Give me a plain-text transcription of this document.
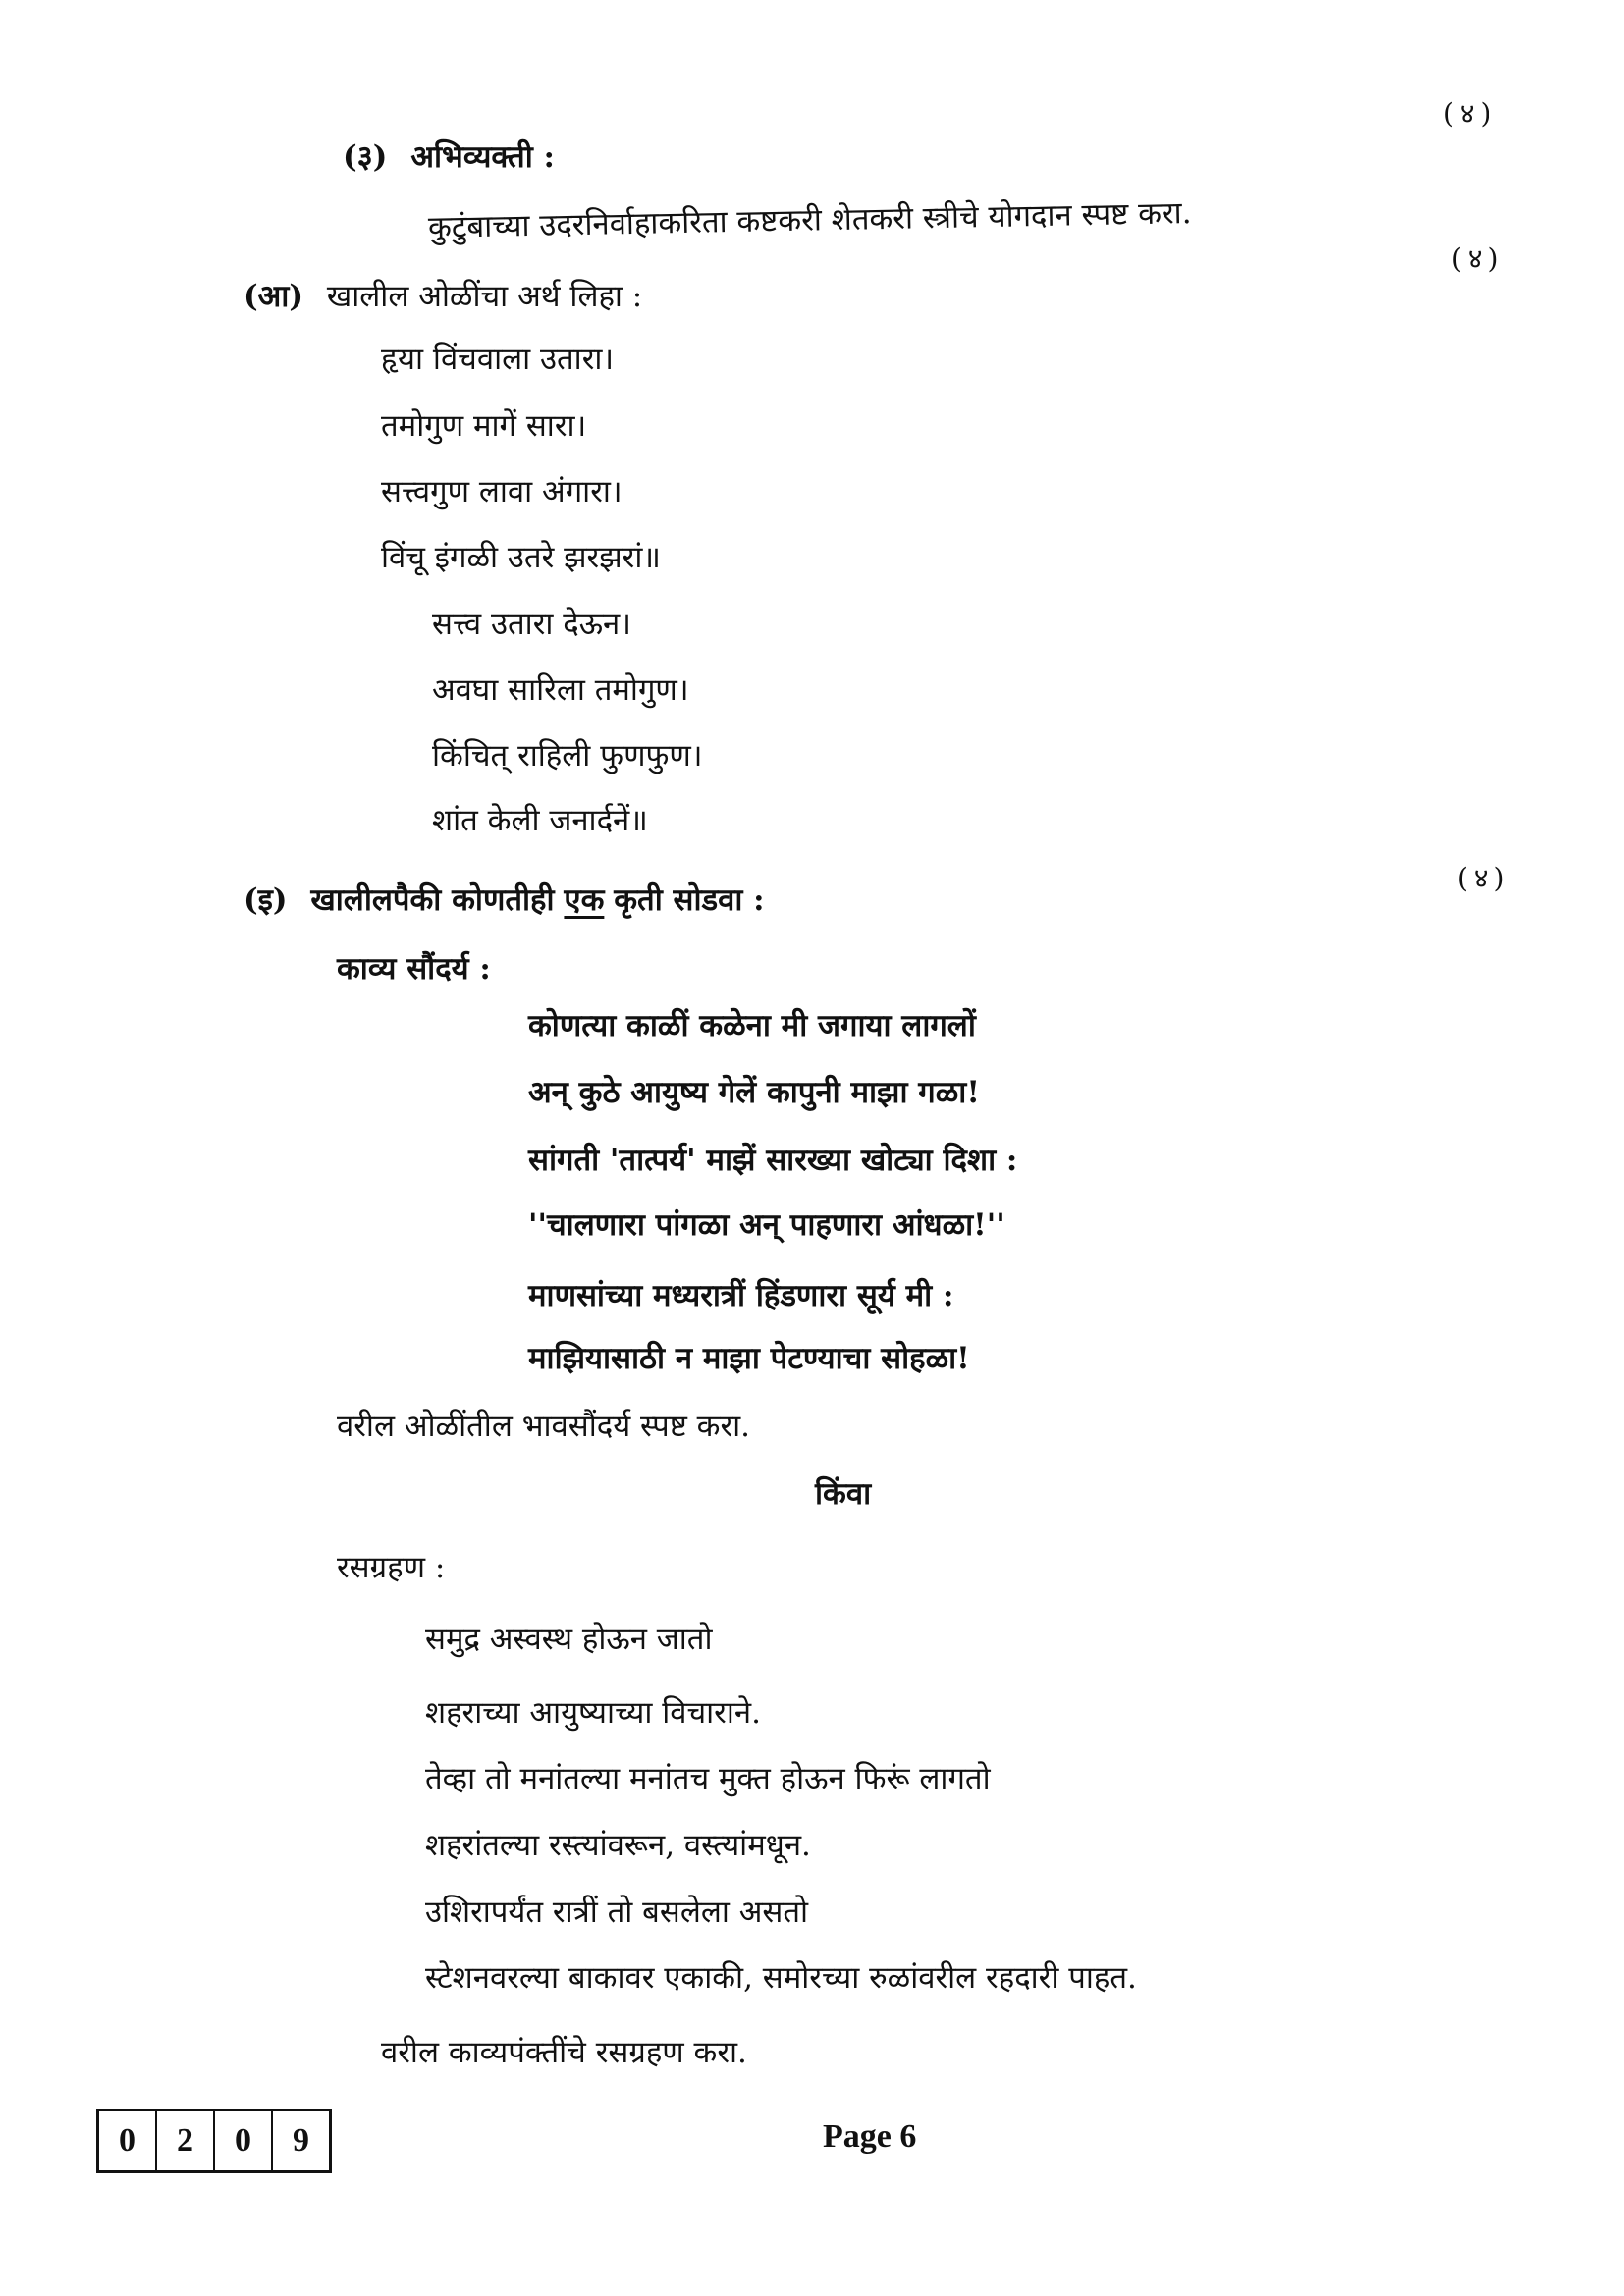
(४)
(३) अभिव्यक्ती :
कुटुंबाच्या उदरनिर्वाहाकरिता कष्टकरी शेतकरी स्त्रीचे योगदान स्पष्ट करा.
(४)
(आ) खालील ओळींचा अर्थ लिहा :
हृया विंचवाला उतारा।
तमोगुण मागें सारा।
सत्त्वगुण लावा अंगारा।
विंचू इंगळी उतरे झरझरां॥
सत्त्व उतारा देऊन।
अवघा सारिला तमोगुण।
किंचित् राहिली फुणफुण।
शांत केली जनार्दनें॥
(४)
(इ) खालीलपैकी कोणतीही एक कृती सोडवा :
काव्य सौंदर्य :
कोणत्या काळीं कळेना मी जगाया लागलों
अन् कुठे आयुष्य गेलें कापुनी माझा गळा!
सांगती 'तात्पर्य' माझें सारख्या खोट्या दिशा :
''चालणारा पांगळा अन् पाहणारा आंधळा!''
माणसांच्या मध्यरात्रीं हिंडणारा सूर्य मी :
माझियासाठी न माझा पेटण्याचा सोहळा!
वरील ओळींतील भावसौंदर्य स्पष्ट करा.
किंवा
रसग्रहण :
समुद्र अस्वस्थ होऊन जातो
शहराच्या आयुष्याच्या विचाराने.
तेव्हा तो मनांतल्या मनांतच मुक्त होऊन फिरूं लागतो
शहरांतल्या रस्त्यांवरून, वस्त्यांमधून.
उशिरापर्यंत रात्रीं तो बसलेला असतो
स्टेशनवरल्या बाकावर एकाकी, समोरच्या रुळांवरील रहदारी पाहत.
वरील काव्यपंक्तींचे रसग्रहण करा.
0	2	0	9	Page 6
